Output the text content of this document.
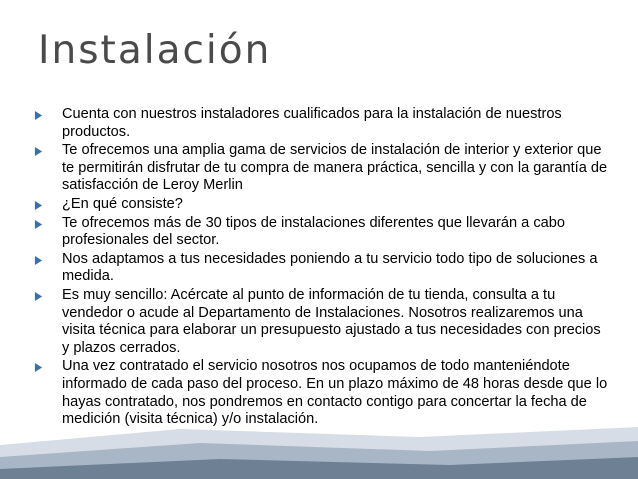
Instalación
Cuenta con nuestros instaladores cualificados para la instalación de nuestros productos.
Te ofrecemos una amplia gama de servicios de instalación de interior y exterior que te permitirán disfrutar de tu compra de manera práctica, sencilla y con la garantía de satisfacción de Leroy Merlin
¿En qué consiste?
Te ofrecemos más de 30 tipos de instalaciones diferentes que llevarán a cabo profesionales del sector.
Nos adaptamos a tus necesidades poniendo a tu servicio todo tipo de soluciones a medida.
Es muy sencillo: Acércate al punto de información de tu tienda, consulta a tu vendedor o acude al Departamento de Instalaciones. Nosotros realizaremos una visita técnica para elaborar un presupuesto ajustado a tus necesidades con precios y plazos cerrados.
Una vez contratado el servicio nosotros nos ocupamos de todo manteniéndote informado de cada paso del proceso. En un plazo máximo de 48 horas desde que lo hayas contratado, nos pondremos en contacto contigo para concertar la fecha de medición (visita técnica) y/o instalación.
